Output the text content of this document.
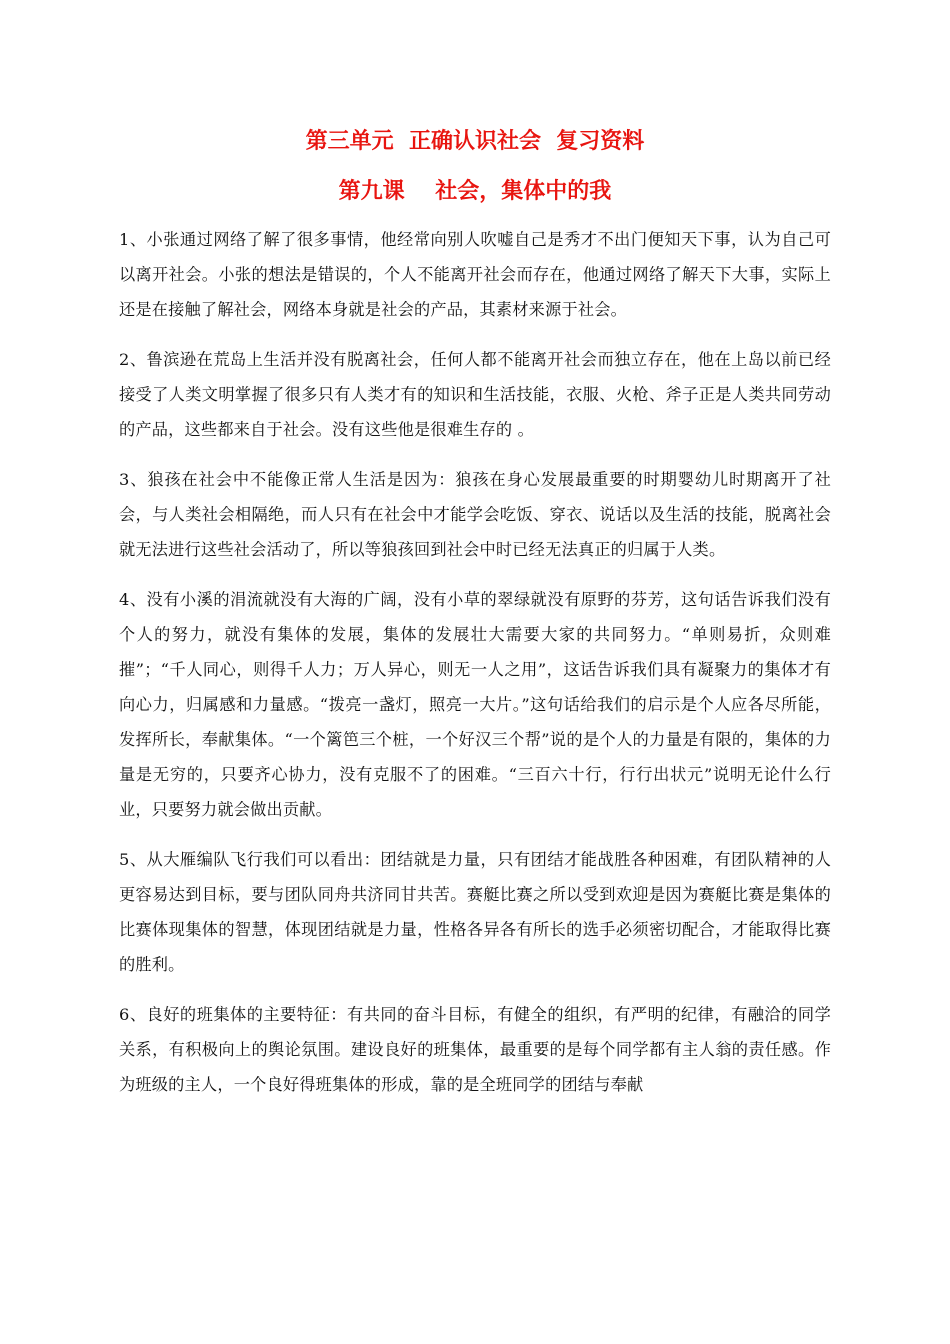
第三单元  正确认识社会  复习资料
第九课    社会，集体中的我

1、小张通过网络了解了很多事情，他经常向别人吹嘘自己是秀才不出门便知天下事，认为自己可以离开社会。小张的想法是错误的，个人不能离开社会而存在，他通过网络了解天下大事，实际上还是在接触了解社会，网络本身就是社会的产品，其素材来源于社会。

2、鲁滨逊在荒岛上生活并没有脱离社会，任何人都不能离开社会而独立存在，他在上岛以前已经接受了人类文明掌握了很多只有人类才有的知识和生活技能，衣服、火枪、斧子正是人类共同劳动的产品，这些都来自于社会。没有这些他是很难生存的 。

3、狼孩在社会中不能像正常人生活是因为：狼孩在身心发展最重要的时期婴幼儿时期离开了社会，与人类社会相隔绝，而人只有在社会中才能学会吃饭、穿衣、说话以及生活的技能，脱离社会就无法进行这些社会活动了，所以等狼孩回到社会中时已经无法真正的归属于人类。

4、没有小溪的涓流就没有大海的广阔，没有小草的翠绿就没有原野的芬芳，这句话告诉我们没有个人的努力，就没有集体的发展，集体的发展壮大需要大家的共同努力。“单则易折，众则难摧”；“千人同心，则得千人力；万人异心，则无一人之用”，这话告诉我们具有凝聚力的集体才有向心力，归属感和力量感。“拨亮一盏灯，照亮一大片。”这句话给我们的启示是个人应各尽所能，发挥所长，奉献集体。“一个篱笆三个桩，一个好汉三个帮”说的是个人的力量是有限的，集体的力量是无穷的，只要齐心协力，没有克服不了的困难。“三百六十行，行行出状元”说明无论什么行业，只要努力就会做出贡献。

5、从大雁编队飞行我们可以看出：团结就是力量，只有团结才能战胜各种困难，有团队精神的人更容易达到目标，要与团队同舟共济同甘共苦。赛艇比赛之所以受到欢迎是因为赛艇比赛是集体的比赛体现集体的智慧，体现团结就是力量，性格各异各有所长的选手必须密切配合，才能取得比赛的胜利。

6、良好的班集体的主要特征：有共同的奋斗目标，有健全的组织，有严明的纪律，有融洽的同学关系，有积极向上的舆论氛围。建设良好的班集体，最重要的是每个同学都有主人翁的责任感。作为班级的主人，一个良好得班集体的形成，靠的是全班同学的团结与奉献
